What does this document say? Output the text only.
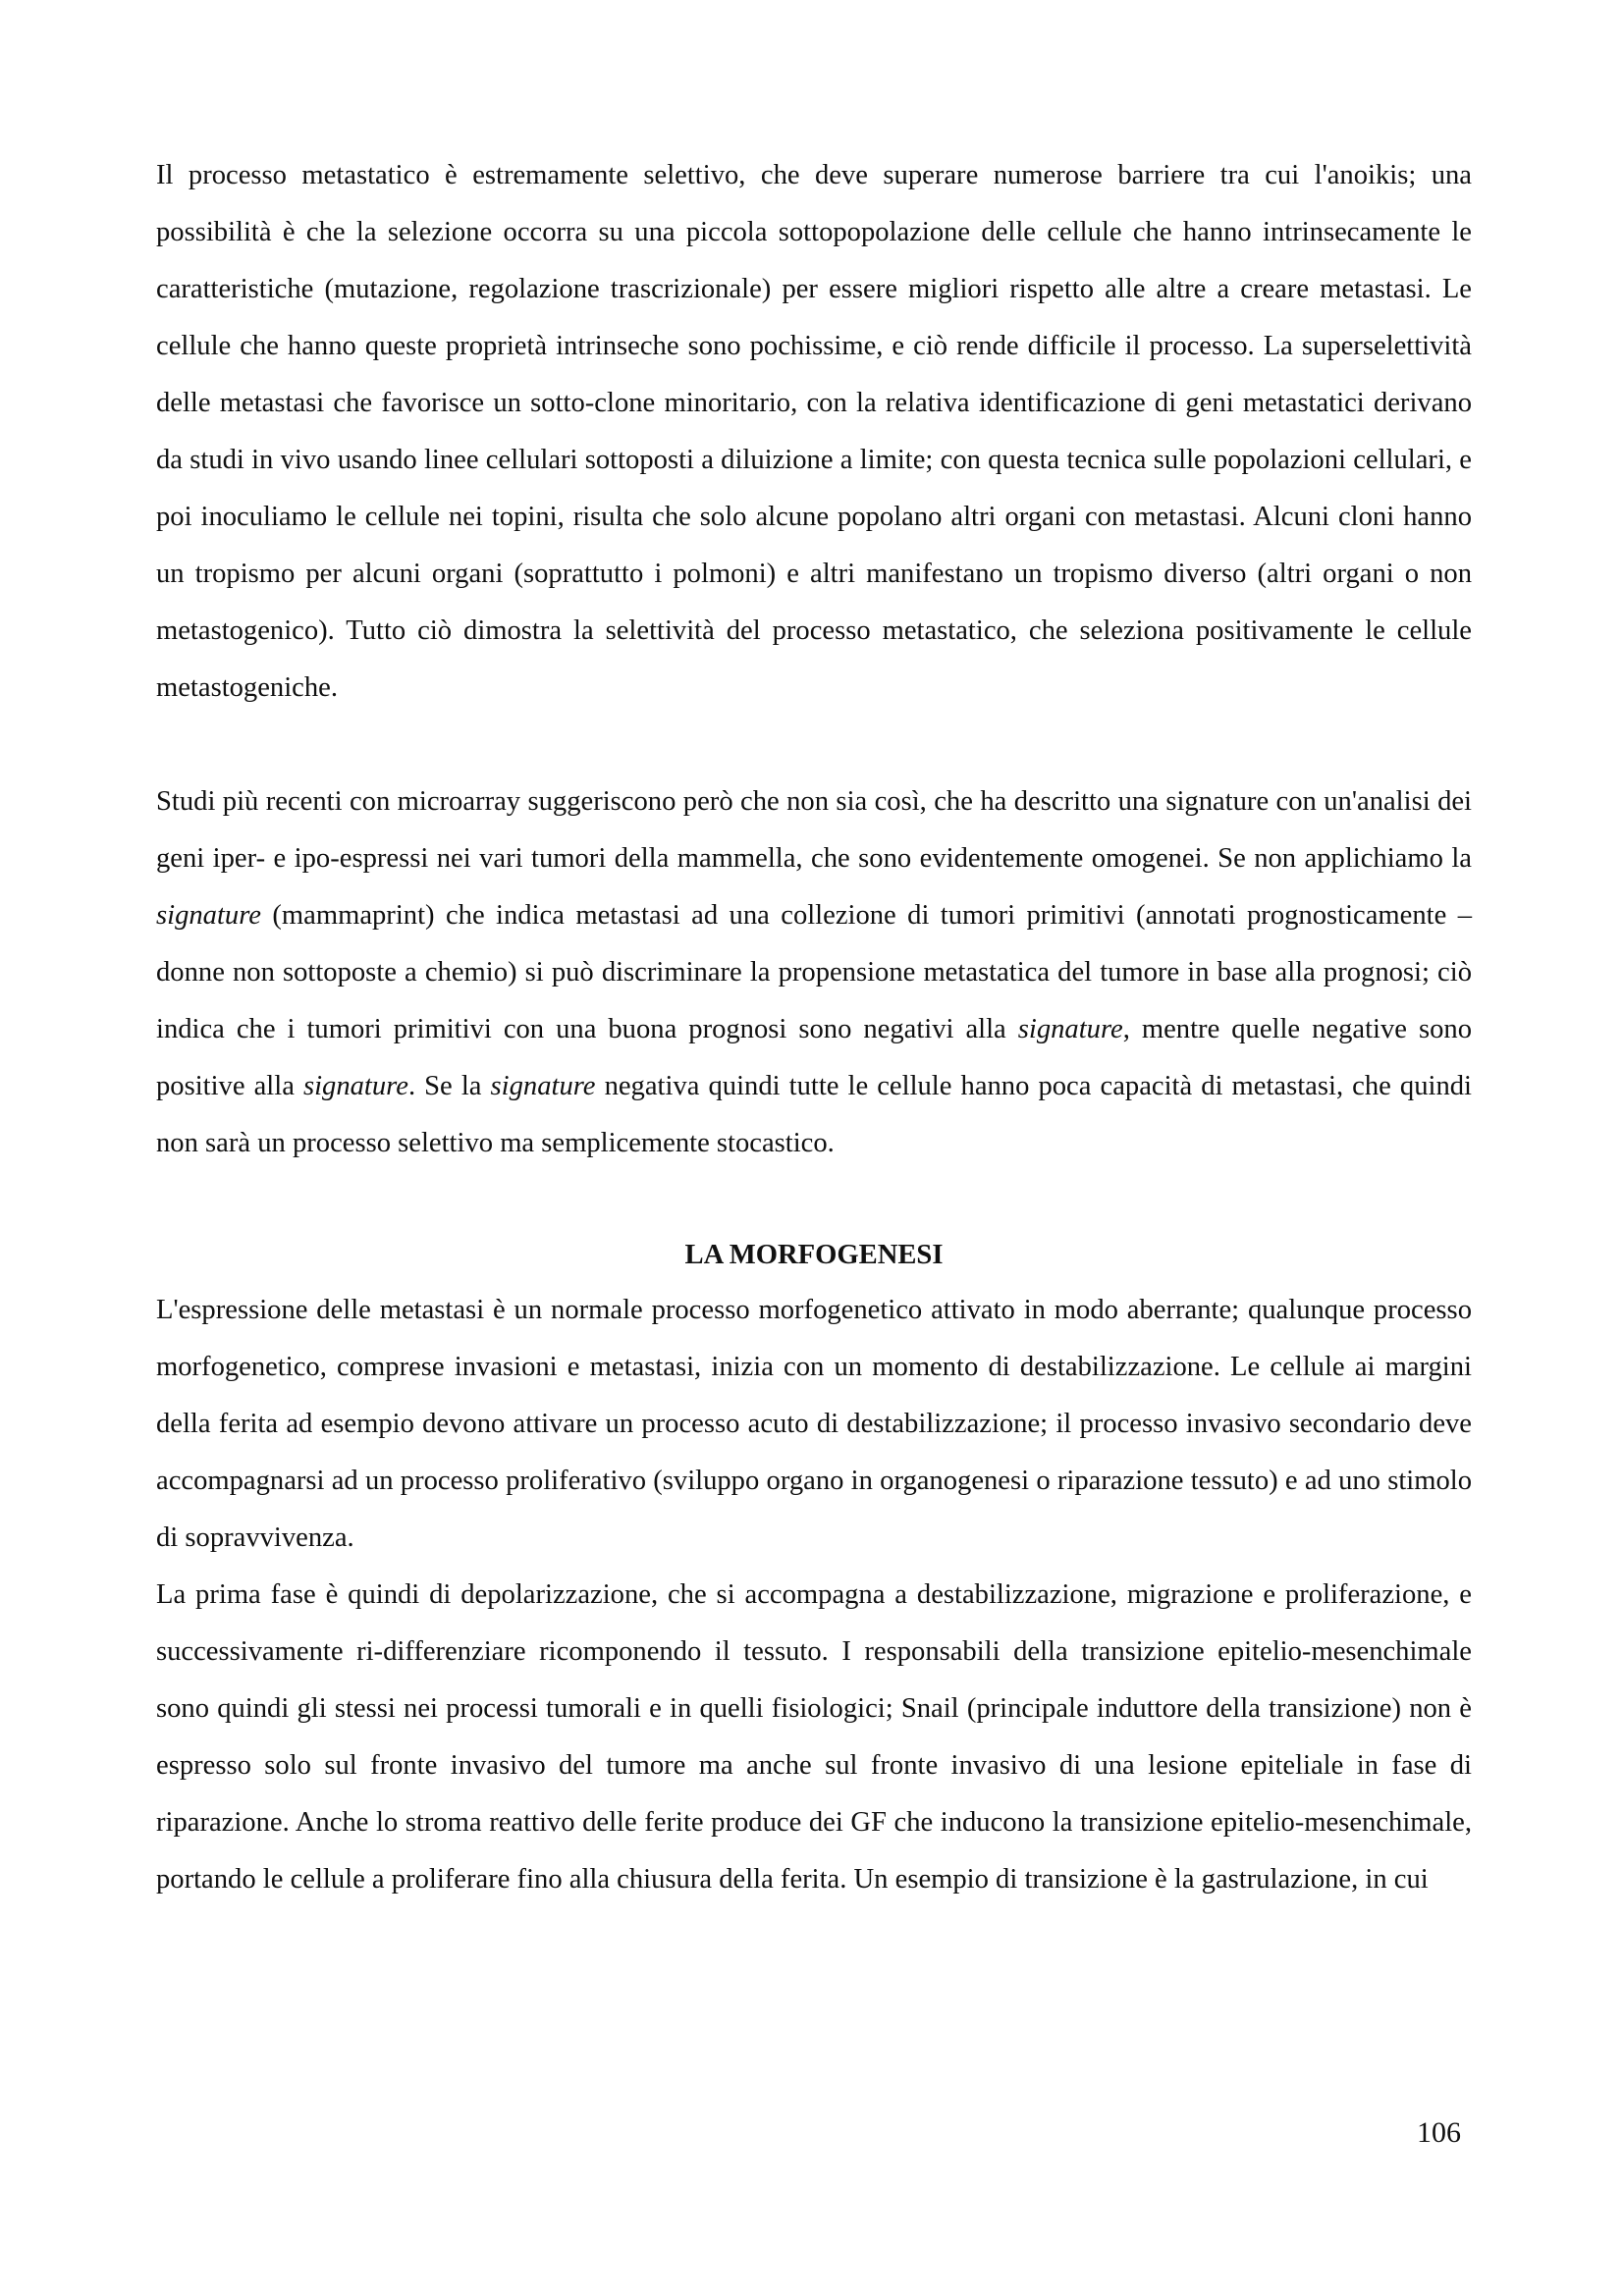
Il processo metastatico è estremamente selettivo, che deve superare numerose barriere tra cui l'anoikis; una possibilità è che la selezione occorra su una piccola sottopopolazione delle cellule che hanno intrinsecamente le caratteristiche (mutazione, regolazione trascrizionale) per essere migliori rispetto alle altre a creare metastasi. Le cellule che hanno queste proprietà intrinseche sono pochissime, e ciò rende difficile il processo. La superselettività delle metastasi che favorisce un sotto-clone minoritario, con la relativa identificazione di geni metastatici derivano da studi in vivo usando linee cellulari sottoposti a diluizione a limite; con questa tecnica sulle popolazioni cellulari, e poi inoculiamo le cellule nei topini, risulta che solo alcune popolano altri organi con metastasi. Alcuni cloni hanno un tropismo per alcuni organi (soprattutto i polmoni) e altri manifestano un tropismo diverso (altri organi o non metastogenico). Tutto ciò dimostra la selettività del processo metastatico, che seleziona positivamente le cellule metastogeniche.

Studi più recenti con microarray suggeriscono però che non sia così, che ha descritto una signature con un'analisi dei geni iper- e ipo-espressi nei vari tumori della mammella, che sono evidentemente omogenei. Se non applichiamo la signature (mammaprint) che indica metastasi ad una collezione di tumori primitivi (annotati prognosticamente – donne non sottoposte a chemio) si può discriminare la propensione metastatica del tumore in base alla prognosi; ciò indica che i tumori primitivi con una buona prognosi sono negativi alla signature, mentre quelle negative sono positive alla signature. Se la signature negativa quindi tutte le cellule hanno poca capacità di metastasi, che quindi non sarà un processo selettivo ma semplicemente stocastico.

LA MORFOGENESI

L'espressione delle metastasi è un normale processo morfogenetico attivato in modo aberrante; qualunque processo morfogenetico, comprese invasioni e metastasi, inizia con un momento di destabilizzazione. Le cellule ai margini della ferita ad esempio devono attivare un processo acuto di destabilizzazione; il processo invasivo secondario deve accompagnarsi ad un processo proliferativo (sviluppo organo in organogenesi o riparazione tessuto) e ad uno stimolo di sopravvivenza.

La prima fase è quindi di depolarizzazione, che si accompagna a destabilizzazione, migrazione e proliferazione, e successivamente ri-differenziare ricomponendo il tessuto. I responsabili della transizione epitelio-mesenchimale sono quindi gli stessi nei processi tumorali e in quelli fisiologici; Snail (principale induttore della transizione) non è espresso solo sul fronte invasivo del tumore ma anche sul fronte invasivo di una lesione epiteliale in fase di riparazione. Anche lo stroma reattivo delle ferite produce dei GF che inducono la transizione epitelio-mesenchimale, portando le cellule a proliferare fino alla chiusura della ferita. Un esempio di transizione è la gastrulazione, in cui

106
